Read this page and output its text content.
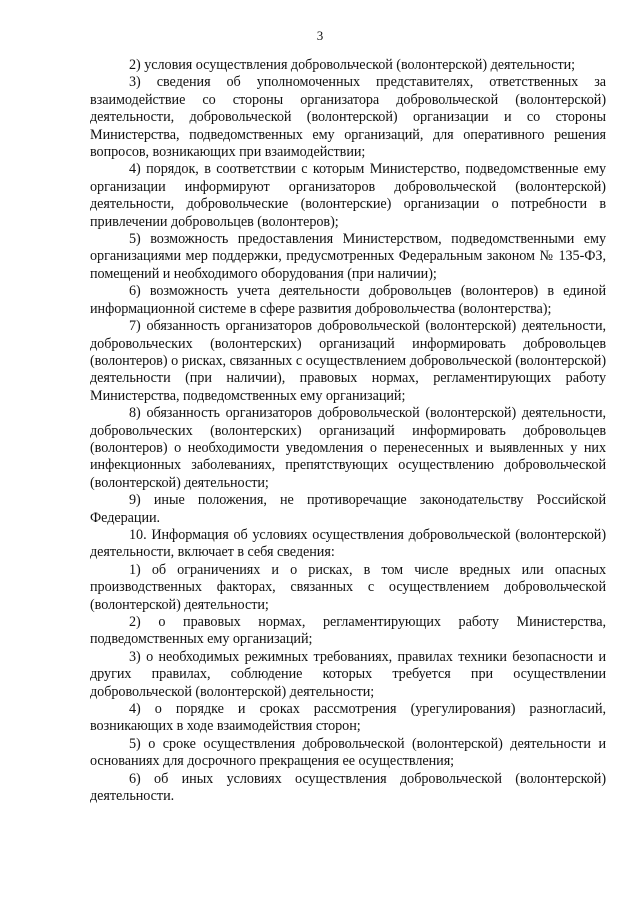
3

2) условия осуществления добровольческой (волонтерской) деятельности;

3) сведения об уполномоченных представителях, ответственных за взаимодействие со стороны организатора добровольческой (волонтерской) деятельности, добровольческой (волонтерской) организации и со стороны Министерства, подведомственных ему организаций, для оперативного решения вопросов, возникающих при взаимодействии;

4) порядок, в соответствии с которым Министерство, подведомственные ему организации информируют организаторов добровольческой (волонтерской) деятельности, добровольческие (волонтерские) организации о потребности в привлечении добровольцев (волонтеров);

5) возможность предоставления Министерством, подведомственными ему организациями мер поддержки, предусмотренных Федеральным законом № 135-ФЗ, помещений и необходимого оборудования (при наличии);

6) возможность учета деятельности добровольцев (волонтеров) в единой информационной системе в сфере развития добровольчества (волонтерства);

7) обязанность организаторов добровольческой (волонтерской) деятельности, добровольческих (волонтерских) организаций информировать добровольцев (волонтеров) о рисках, связанных с осуществлением добровольческой (волонтерской) деятельности (при наличии), правовых нормах, регламентирующих работу Министерства, подведомственных ему организаций;

8) обязанность организаторов добровольческой (волонтерской) деятельности, добровольческих (волонтерских) организаций информировать добровольцев (волонтеров) о необходимости уведомления о перенесенных и выявленных у них инфекционных заболеваниях, препятствующих осуществлению добровольческой (волонтерской) деятельности;

9) иные положения, не противоречащие законодательству Российской Федерации.

10. Информация об условиях осуществления добровольческой (волонтерской) деятельности, включает в себя сведения:

1) об ограничениях и о рисках, в том числе вредных или опасных производственных факторах, связанных с осуществлением добровольческой (волонтерской) деятельности;

2) о правовых нормах, регламентирующих работу Министерства, подведомственных ему организаций;

3) о необходимых режимных требованиях, правилах техники безопасности и других правилах, соблюдение которых требуется при осуществлении добровольческой (волонтерской) деятельности;

4) о порядке и сроках рассмотрения (урегулирования) разногласий, возникающих в ходе взаимодействия сторон;

5) о сроке осуществления добровольческой (волонтерской) деятельности и основаниях для досрочного прекращения ее осуществления;

6) об иных условиях осуществления добровольческой (волонтерской) деятельности.
